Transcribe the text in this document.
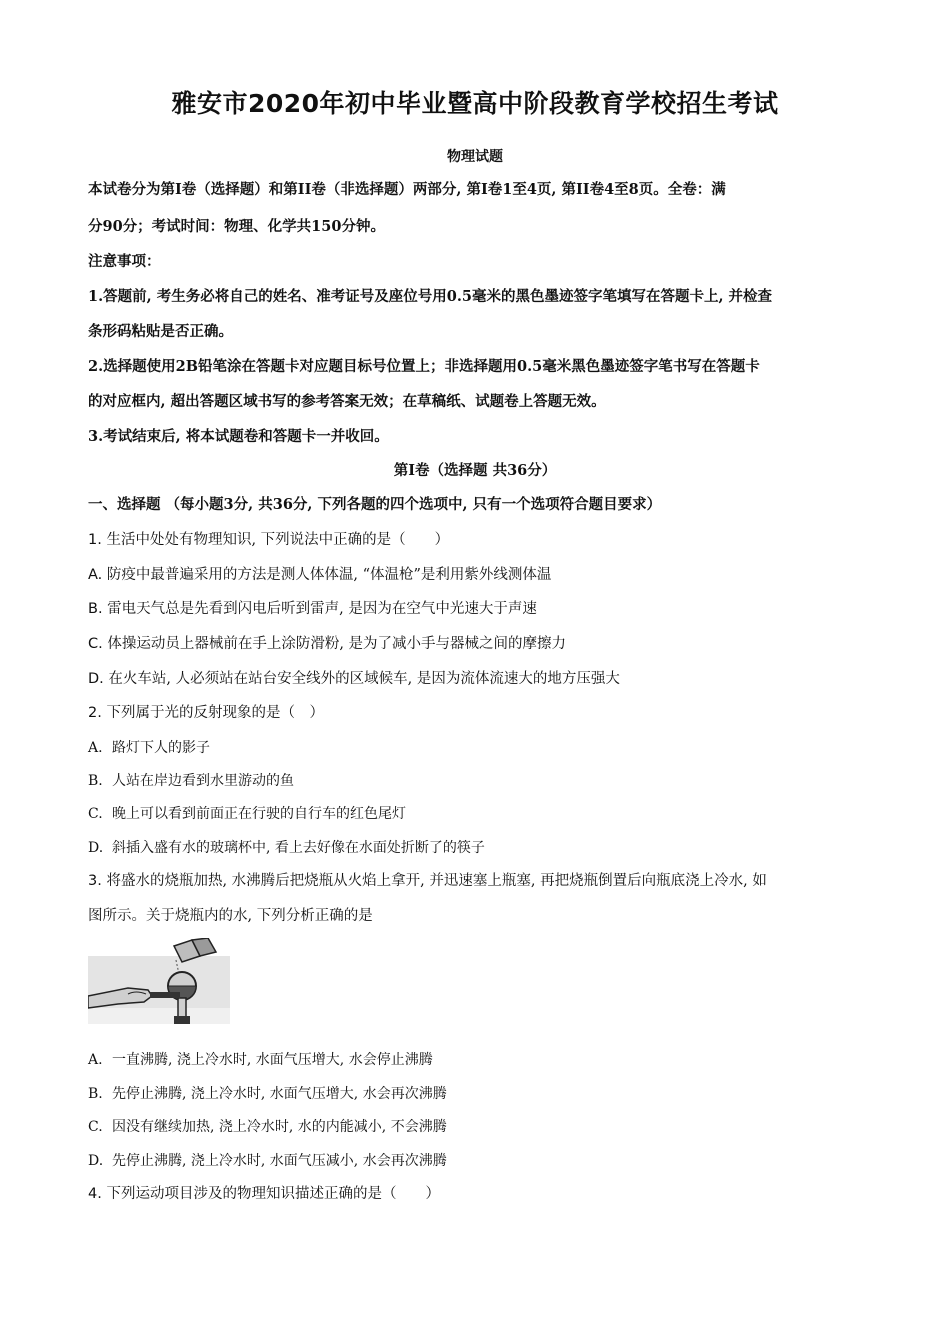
雅安市2020年初中毕业暨高中阶段教育学校招生考试
物理试题
本试卷分为第I卷（选择题）和第II卷（非选择题）两部分, 第I卷1至4页, 第II卷4至8页。全卷：满
分90分；考试时间：物理、化学共150分钟。
注意事项：
1.答题前, 考生务必将自己的姓名、准考证号及座位号用0.5毫米的黑色墨迹签字笔填写在答题卡上, 并检查
条形码粘贴是否正确。
2.选择题使用2B铅笔涂在答题卡对应题目标号位置上；非选择题用0.5毫米黑色墨迹签字笔书写在答题卡
的对应框内, 超出答题区域书写的参考答案无效；在草稿纸、试题卷上答题无效。
3.考试结束后, 将本试题卷和答题卡一并收回。
第I卷（选择题 共36分）
一、选择题 （每小题3分, 共36分, 下列各题的四个选项中, 只有一个选项符合题目要求）
1. 生活中处处有物理知识, 下列说法中正确的是（　　）
A. 防疫中最普遍采用的方法是测人体体温, “体温枪”是利用紫外线测体温
B. 雷电天气总是先看到闪电后听到雷声, 是因为在空气中光速大于声速
C. 体操运动员上器械前在手上涂防滑粉, 是为了减小手与器械之间的摩擦力
D. 在火车站, 人必须站在站台安全线外的区域候车, 是因为流体流速大的地方压强大
2. 下列属于光的反射现象的是（　）
A. 路灯下人的影子
B. 人站在岸边看到水里游动的鱼
C. 晚上可以看到前面正在行驶的自行车的红色尾灯
D. 斜插入盛有水的玻璃杯中, 看上去好像在水面处折断了的筷子
3. 将盛水的烧瓶加热, 水沸腾后把烧瓶从火焰上拿开, 并迅速塞上瓶塞, 再把烧瓶倒置后向瓶底浇上冷水, 如
图所示。关于烧瓶内的水, 下列分析正确的是
A. 一直沸腾, 浇上冷水时, 水面气压增大, 水会停止沸腾
B. 先停止沸腾, 浇上冷水时, 水面气压增大, 水会再次沸腾
C. 因没有继续加热, 浇上冷水时, 水的内能减小, 不会沸腾
D. 先停止沸腾, 浇上冷水时, 水面气压减小, 水会再次沸腾
4. 下列运动项目涉及的物理知识描述正确的是（　　）
